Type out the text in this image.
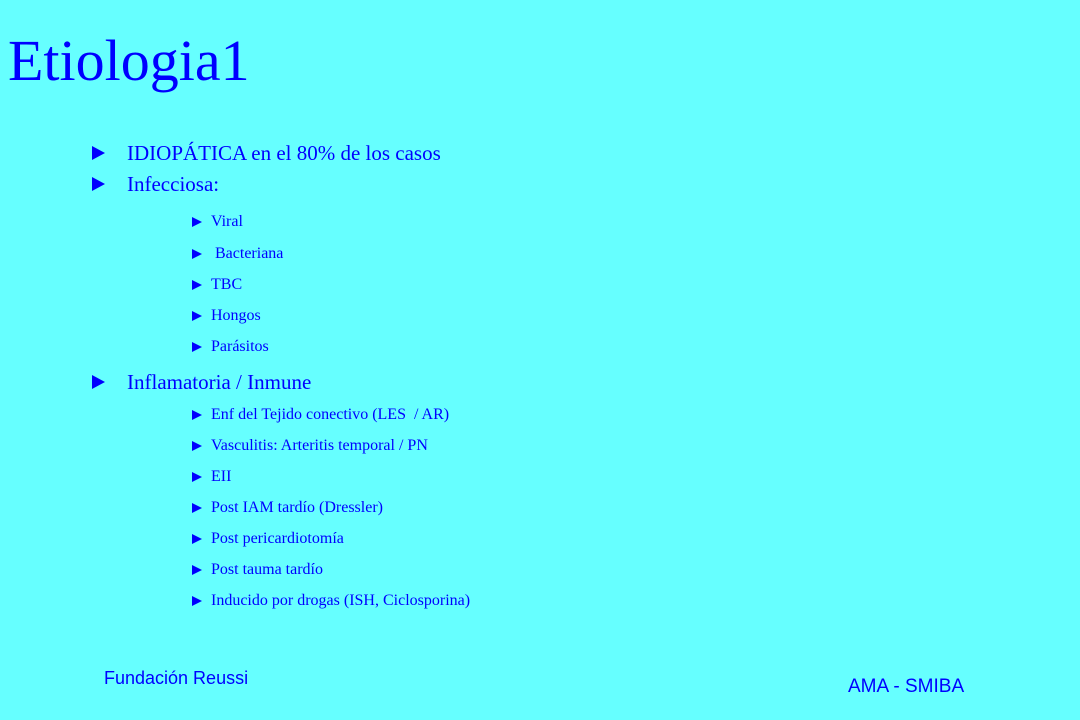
Etiologia1
IDIOPÁTICA en el 80% de los casos
Infecciosa:
Viral
Bacteriana
TBC
Hongos
Parásitos
Inflamatoria / Inmune
Enf del Tejido conectivo (LES  / AR)
Vasculitis: Arteritis temporal / PN
EII
Post IAM tardío (Dressler)
Post pericardiotomía
Post tauma tardío
Inducido por drogas (ISH, Ciclosporina)
Fundación Reussi	AMA - SMIBA
